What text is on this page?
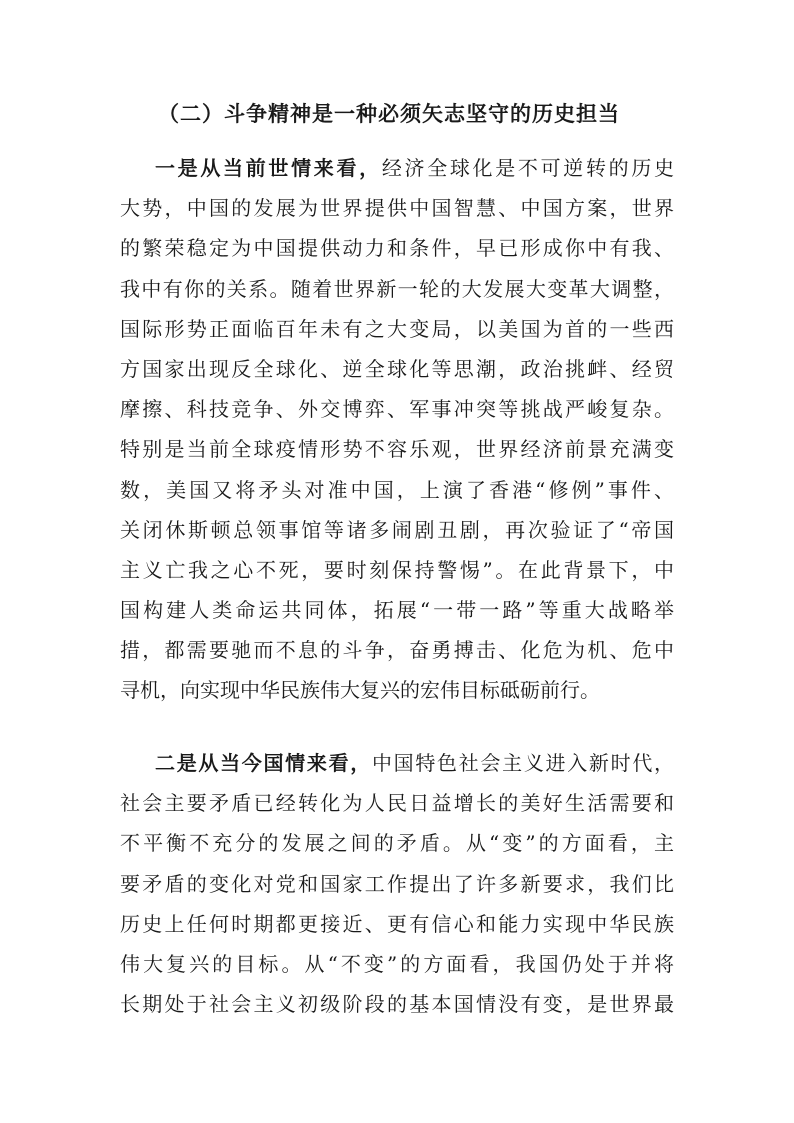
（二）斗争精神是一种必须矢志坚守的历史担当
一是从当前世情来看，经济全球化是不可逆转的历史
大势，中国的发展为世界提供中国智慧、中国方案，世界
的繁荣稳定为中国提供动力和条件，早已形成你中有我、
我中有你的关系。随着世界新一轮的大发展大变革大调整，
国际形势正面临百年未有之大变局，以美国为首的一些西
方国家出现反全球化、逆全球化等思潮，政治挑衅、经贸
摩擦、科技竞争、外交博弈、军事冲突等挑战严峻复杂。
特别是当前全球疫情形势不容乐观，世界经济前景充满变
数，美国又将矛头对准中国，上演了香港“修例”事件、
关闭休斯顿总领事馆等诸多闹剧丑剧，再次验证了“帝国
主义亡我之心不死，要时刻保持警惕”。在此背景下，中
国构建人类命运共同体，拓展“一带一路”等重大战略举
措，都需要驰而不息的斗争，奋勇搏击、化危为机、危中
寻机，向实现中华民族伟大复兴的宏伟目标砥砺前行。
二是从当今国情来看，中国特色社会主义进入新时代，
社会主要矛盾已经转化为人民日益增长的美好生活需要和
不平衡不充分的发展之间的矛盾。从“变”的方面看，主
要矛盾的变化对党和国家工作提出了许多新要求，我们比
历史上任何时期都更接近、更有信心和能力实现中华民族
伟大复兴的目标。从“不变”的方面看，我国仍处于并将
长期处于社会主义初级阶段的基本国情没有变，是世界最
